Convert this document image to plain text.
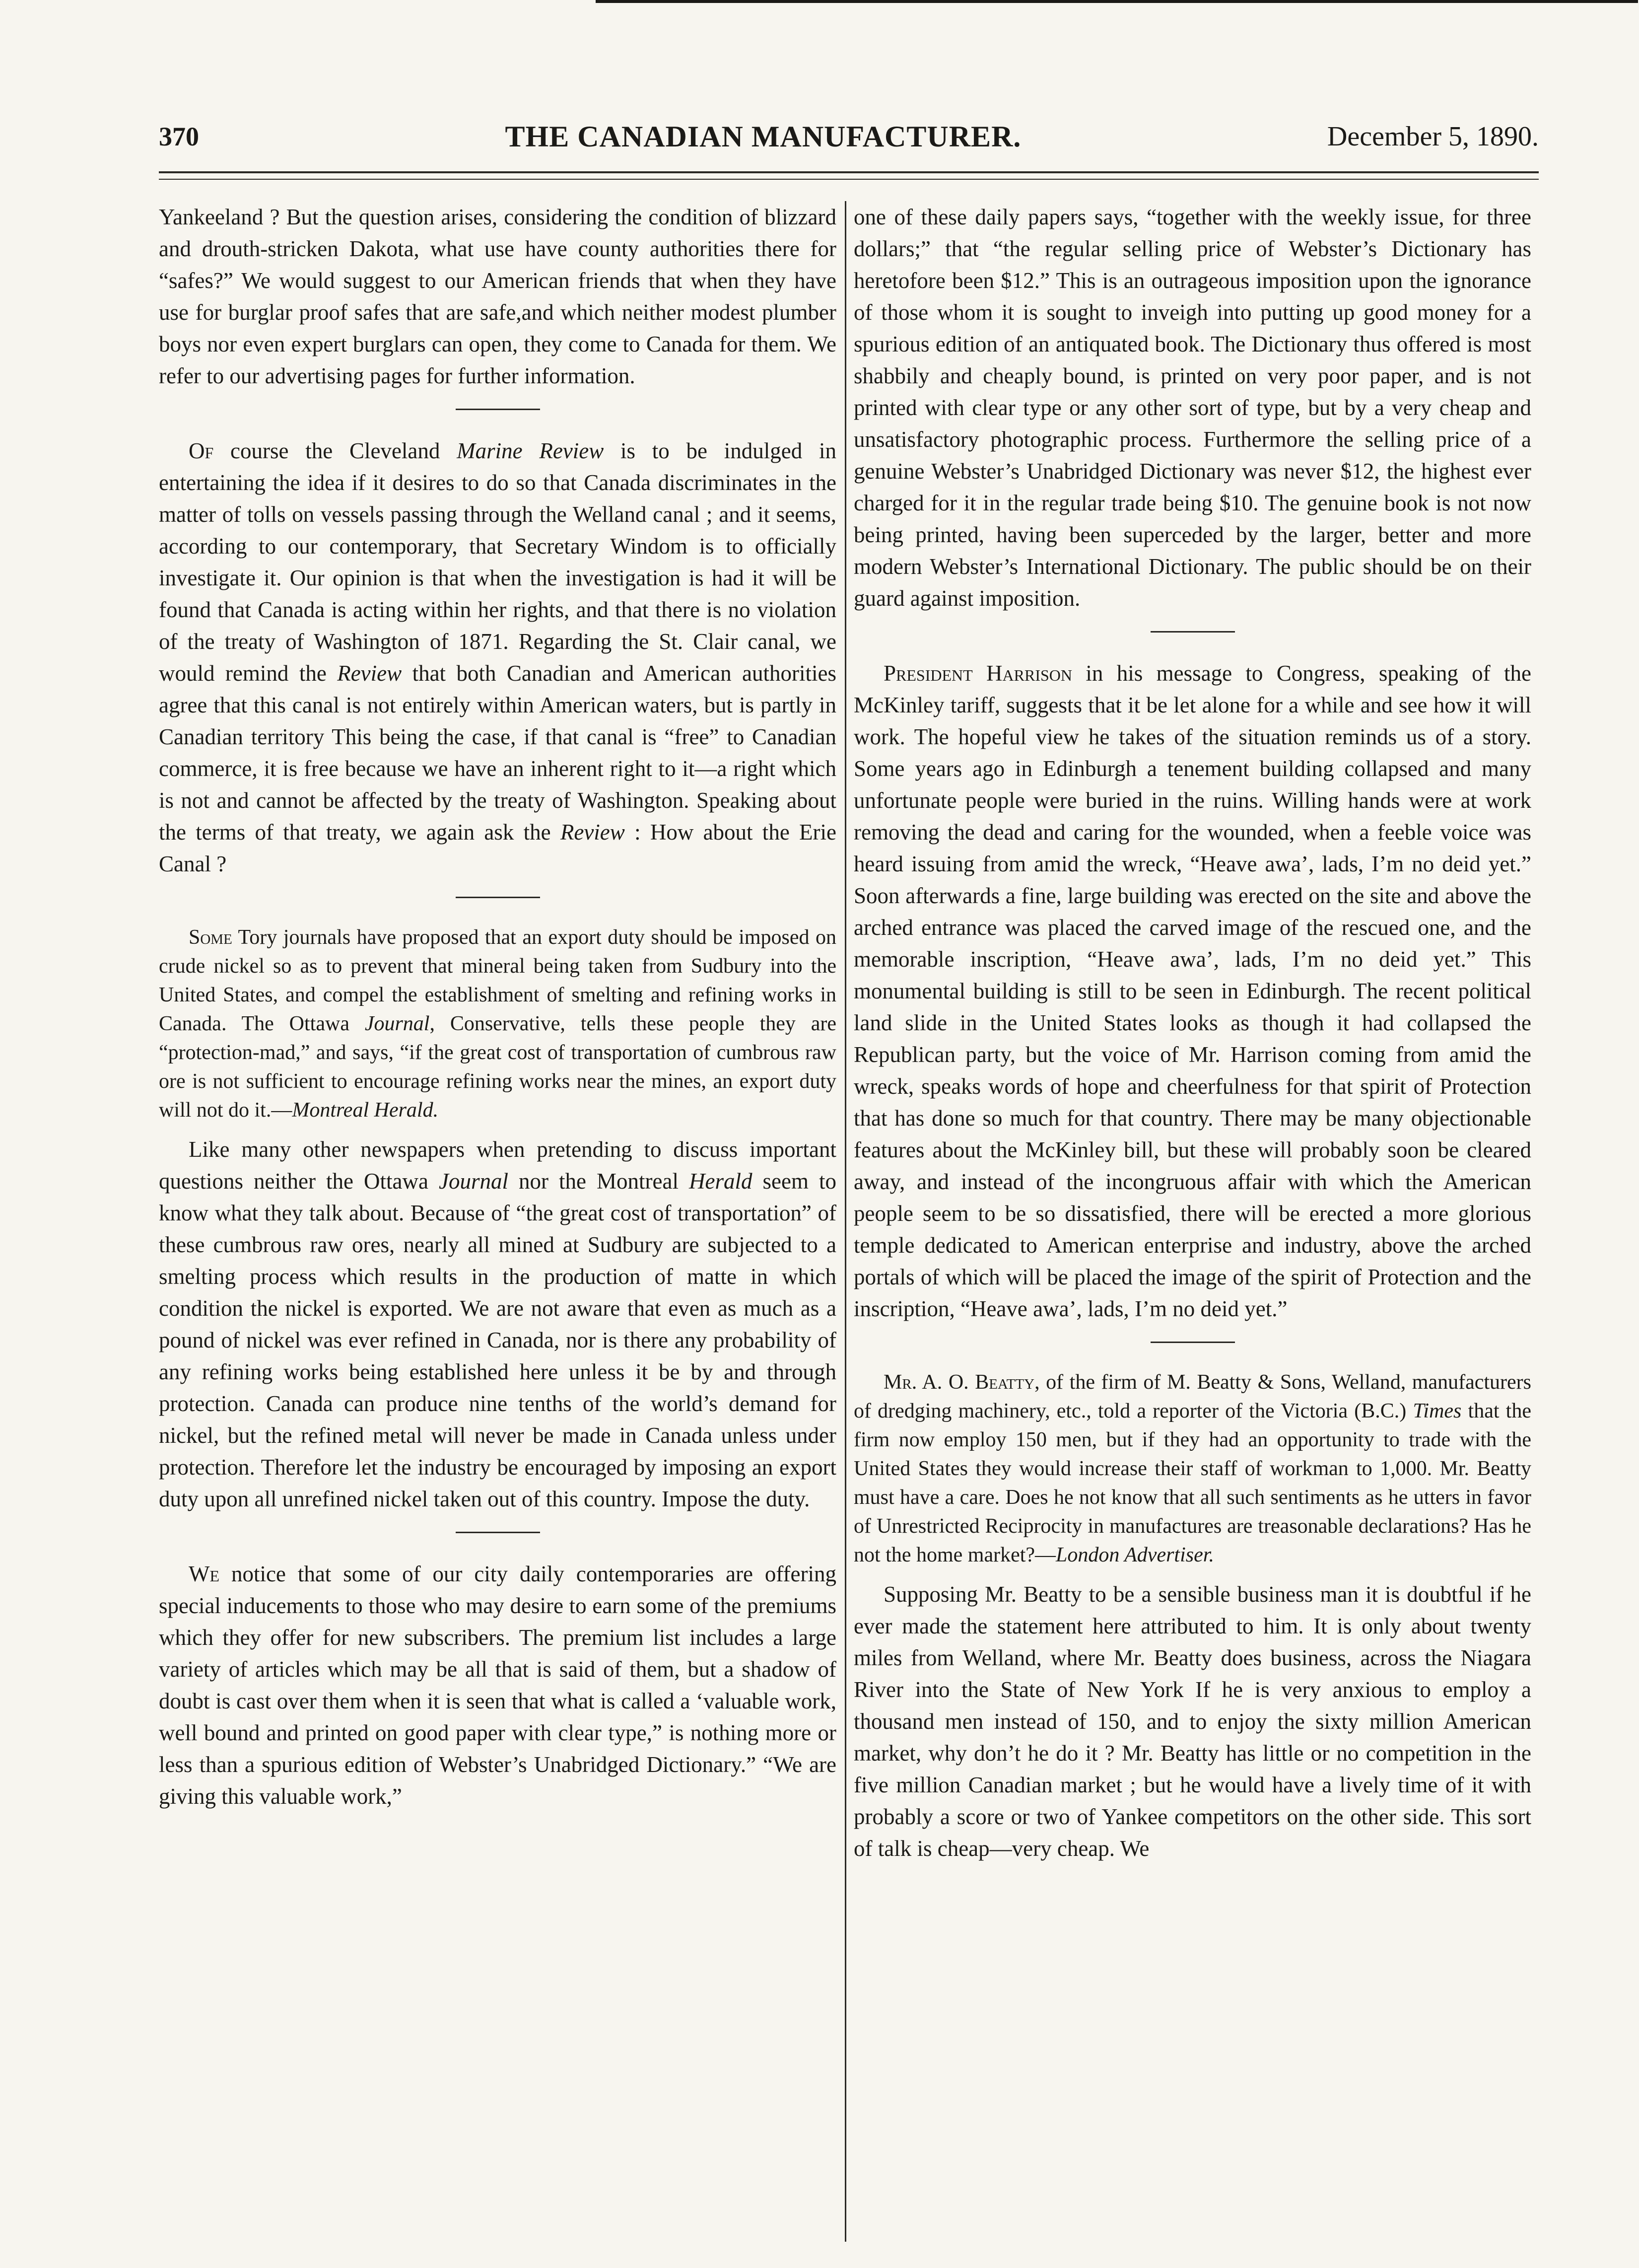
370	THE CANADIAN MANUFACTURER.	December 5, 1890.

Yankeeland ? But the question arises, considering the condition of blizzard and drouth-stricken Dakota, what use have county authorities there for “safes?” We would suggest to our American friends that when they have use for burglar proof safes that are safe,and which neither modest plumber boys nor even expert burglars can open, they come to Canada for them. We refer to our advertising pages for further information.

Of course the Cleveland Marine Review is to be indulged in entertaining the idea if it desires to do so that Canada discriminates in the matter of tolls on vessels passing through the Welland canal ; and it seems, according to our contemporary, that Secretary Windom is to officially investigate it. Our opinion is that when the investigation is had it will be found that Canada is acting within her rights, and that there is no violation of the treaty of Washington of 1871. Regarding the St. Clair canal, we would remind the Review that both Canadian and American authorities agree that this canal is not entirely within American waters, but is partly in Canadian territory This being the case, if that canal is “free” to Canadian commerce, it is free because we have an inherent right to it—a right which is not and cannot be affected by the treaty of Washington. Speaking about the terms of that treaty, we again ask the Review : How about the Erie Canal ?

Some Tory journals have proposed that an export duty should be imposed on crude nickel so as to prevent that mineral being taken from Sudbury into the United States, and compel the establishment of smelting and refining works in Canada. The Ottawa Journal, Conservative, tells these people they are “protection-mad,” and says, “if the great cost of transportation of cumbrous raw ore is not sufficient to encourage refining works near the mines, an export duty will not do it.—Montreal Herald.

Like many other newspapers when pretending to discuss important questions neither the Ottawa Journal nor the Montreal Herald seem to know what they talk about. Because of “the great cost of transportation” of these cumbrous raw ores, nearly all mined at Sudbury are subjected to a smelting process which results in the production of matte in which condition the nickel is exported. We are not aware that even as much as a pound of nickel was ever refined in Canada, nor is there any probability of any refining works being established here unless it be by and through protection. Canada can produce nine tenths of the world’s demand for nickel, but the refined metal will never be made in Canada unless under protection. Therefore let the industry be encouraged by imposing an export duty upon all unrefined nickel taken out of this country. Impose the duty.

We notice that some of our city daily contemporaries are offering special inducements to those who may desire to earn some of the premiums which they offer for new subscribers. The premium list includes a large variety of articles which may be all that is said of them, but a shadow of doubt is cast over them when it is seen that what is called a ‘valuable work, well bound and printed on good paper with clear type,” is nothing more or less than a spurious edition of Webster’s Unabridged Dictionary.” “We are giving this valuable work,”

one of these daily papers says, “together with the weekly issue, for three dollars;” that “the regular selling price of Webster’s Dictionary has heretofore been $12.” This is an outrageous imposition upon the ignorance of those whom it is sought to inveigh into putting up good money for a spurious edition of an antiquated book. The Dictionary thus offered is most shabbily and cheaply bound, is printed on very poor paper, and is not printed with clear type or any other sort of type, but by a very cheap and unsatisfactory photographic process. Furthermore the selling price of a genuine Webster’s Unabridged Dictionary was never $12, the highest ever charged for it in the regular trade being $10. The genuine book is not now being printed, having been superceded by the larger, better and more modern Webster’s International Dictionary. The public should be on their guard against imposition.

President Harrison in his message to Congress, speaking of the McKinley tariff, suggests that it be let alone for a while and see how it will work. The hopeful view he takes of the situation reminds us of a story. Some years ago in Edinburgh a tenement building collapsed and many unfortunate people were buried in the ruins. Willing hands were at work removing the dead and caring for the wounded, when a feeble voice was heard issuing from amid the wreck, “Heave awa’, lads, I’m no deid yet.” Soon afterwards a fine, large building was erected on the site and above the arched entrance was placed the carved image of the rescued one, and the memorable inscription, “Heave awa’, lads, I’m no deid yet.” This monumental building is still to be seen in Edinburgh. The recent political land slide in the United States looks as though it had collapsed the Republican party, but the voice of Mr. Harrison coming from amid the wreck, speaks words of hope and cheerfulness for that spirit of Protection that has done so much for that country. There may be many objectionable features about the McKinley bill, but these will probably soon be cleared away, and instead of the incongruous affair with which the American people seem to be so dissatisfied, there will be erected a more glorious temple dedicated to American enterprise and industry, above the arched portals of which will be placed the image of the spirit of Protection and the inscription, “Heave awa’, lads, I’m no deid yet.”

Mr. A. O. Beatty, of the firm of M. Beatty & Sons, Welland, manufacturers of dredging machinery, etc., told a reporter of the Victoria (B.C.) Times that the firm now employ 150 men, but if they had an opportunity to trade with the United States they would increase their staff of workman to 1,000. Mr. Beatty must have a care. Does he not know that all such sentiments as he utters in favor of Unrestricted Reciprocity in manufactures are treasonable declarations? Has he not the home market?—London Advertiser.

Supposing Mr. Beatty to be a sensible business man it is doubtful if he ever made the statement here attributed to him. It is only about twenty miles from Welland, where Mr. Beatty does business, across the Niagara River into the State of New York If he is very anxious to employ a thousand men instead of 150, and to enjoy the sixty million American market, why don’t he do it ? Mr. Beatty has little or no competition in the five million Canadian market ; but he would have a lively time of it with probably a score or two of Yankee competitors on the other side. This sort of talk is cheap—very cheap. We
